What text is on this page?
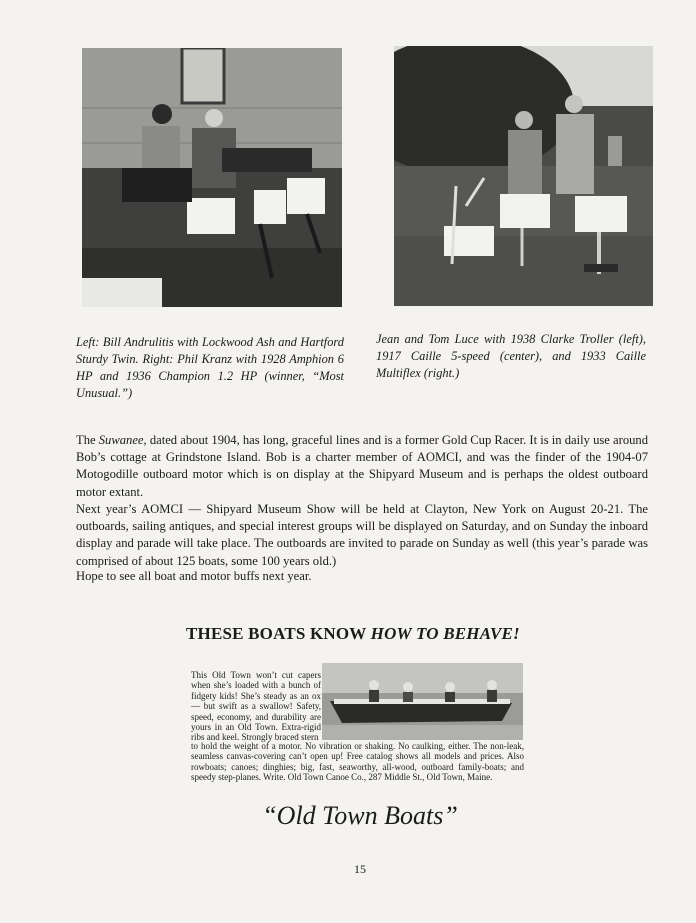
Left: Bill Andrulitis with Lockwood Ash and Hartford Sturdy Twin. Right: Phil Kranz with 1928 Amphion 6 HP and 1936 Champion 1.2 HP (winner, “Most Unusual.”)
Jean and Tom Luce with 1938 Clarke Troller (left), 1917 Caille 5-speed (center), and 1933 Caille Multiflex (right.)

The Suwanee, dated about 1904, has long, graceful lines and is a former Gold Cup Racer. It is in daily use around Bob’s cottage at Grindstone Island. Bob is a charter member of AOMCI, and was the finder of the 1904-07 Motogodille outboard motor which is on display at the Shipyard Museum and is perhaps the oldest outboard motor extant.

Next year’s AOMCI — Shipyard Museum Show will be held at Clayton, New York on August 20-21. The outboards, sailing antiques, and special interest groups will be displayed on Saturday, and on Sunday the inboard display and parade will take place. The outboards are invited to parade on Sunday as well (this year’s parade was comprised of about 125 boats, some 100 years old.)

Hope to see all boat and motor buffs next year.

THESE BOATS KNOW HOW TO BEHAVE!
This Old Town won’t cut capers when she’s loaded with a bunch of fidgety kids! She’s steady as an ox — but swift as a swallow! Safety, speed, economy, and durability are yours in an Old Town. Extra-rigid ribs and keel. Strongly braced stern
to hold the weight of a motor. No vibration or shaking. No caulking, either. The non-leak, seamless canvas-covering can’t open up! Free catalog shows all models and prices. Also rowboats; canoes; dinghies; big, fast, seaworthy, all-wood, outboard family-boats; and speedy step-planes. Write. Old Town Canoe Co., 287 Middle St., Old Town, Maine.
“Old Town Boats”
15
